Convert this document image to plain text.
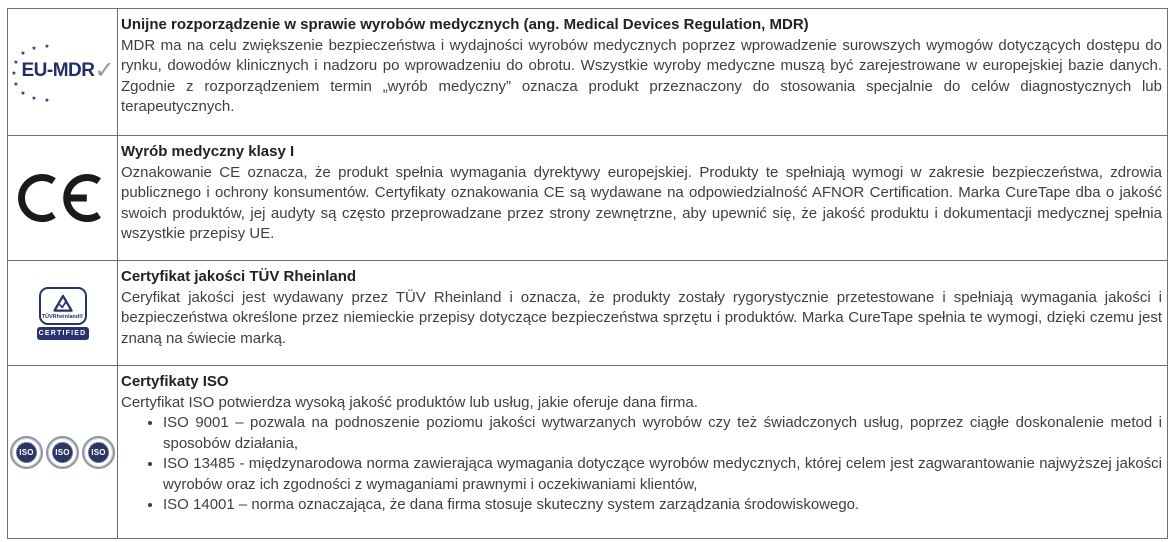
★
★
★
★
★
★
★
★ ★
EU-MDR ✓
Unijne rozporządzenie w sprawie wyrobów medycznych (ang. Medical Devices Regulation, MDR)
MDR ma na celu zwiększenie bezpieczeństwa i wydajności wyrobów medycznych poprzez wprowadzenie surowszych wymogów dotyczących dostępu do rynku, dowodów klinicznych i nadzoru po wprowadzeniu do obrotu. Wszystkie wyroby medyczne muszą być zarejestrowane w europejskiej bazie danych. Zgodnie z rozporządzeniem termin „wyrób medyczny” oznacza produkt przeznaczony do stosowania specjalnie do celów diagnostycznych lub terapeutycznych.
Wyrób medyczny klasy I
Oznakowanie CE oznacza, że produkt spełnia wymagania dyrektywy europejskiej. Produkty te spełniają wymogi w zakresie bezpieczeństwa, zdrowia publicznego i ochrony konsumentów. Certyfikaty oznakowania CE są wydawane na odpowiedzialność AFNOR Certification. Marka CureTape dba o jakość swoich produktów, jej audyty są często przeprowadzane przez strony zewnętrzne, aby upewnić się, że jakość produktu i dokumentacji medycznej spełnia wszystkie przepisy UE.
TÜVRheinland®
CERTIFIED
Certyfikat jakości TÜV Rheinland
Ceryfikat jakości jest wydawany przez TÜV Rheinland i oznacza, że produkty zostały rygorystycznie przetestowane i spełniają wymagania jakości i bezpieczeństwa określone przez niemieckie przepisy dotyczące bezpieczeństwa sprzętu i produktów. Marka CureTape spełnia te wymogi, dzięki czemu jest znaną na świecie marką.
ISO	ISO	ISO
Certyfikaty ISO
Certyfikat ISO potwierdza wysoką jakość produktów lub usług, jakie oferuje dana firma.
• ISO 9001 – pozwala na podnoszenie poziomu jakości wytwarzanych wyrobów czy też świadczonych usług, poprzez ciągłe doskonalenie metod i sposobów działania,
• ISO 13485 - międzynarodowa norma zawierająca wymagania dotyczące wyrobów medycznych, której celem jest zagwarantowanie najwyższej jakości wyrobów oraz ich zgodności z wymaganiami prawnymi i oczekiwaniami klientów,
• ISO 14001 – norma oznaczająca, że dana firma stosuje skuteczny system zarządzania środowiskowego.
